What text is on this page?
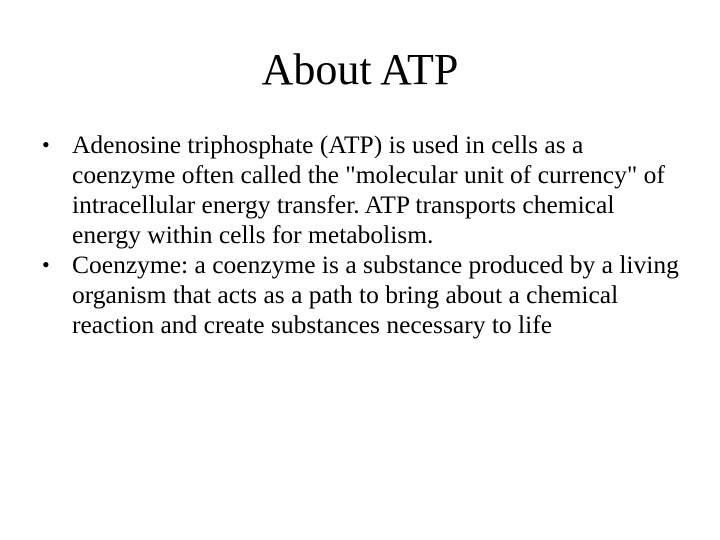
About ATP
• Adenosine triphosphate (ATP) is used in cells as a coenzyme often called the "molecular unit of currency" of intracellular energy transfer. ATP transports chemical energy within cells for metabolism.
• Coenzyme: a coenzyme is a substance produced by a living organism that acts as a path to bring about a chemical reaction and create substances necessary to life
